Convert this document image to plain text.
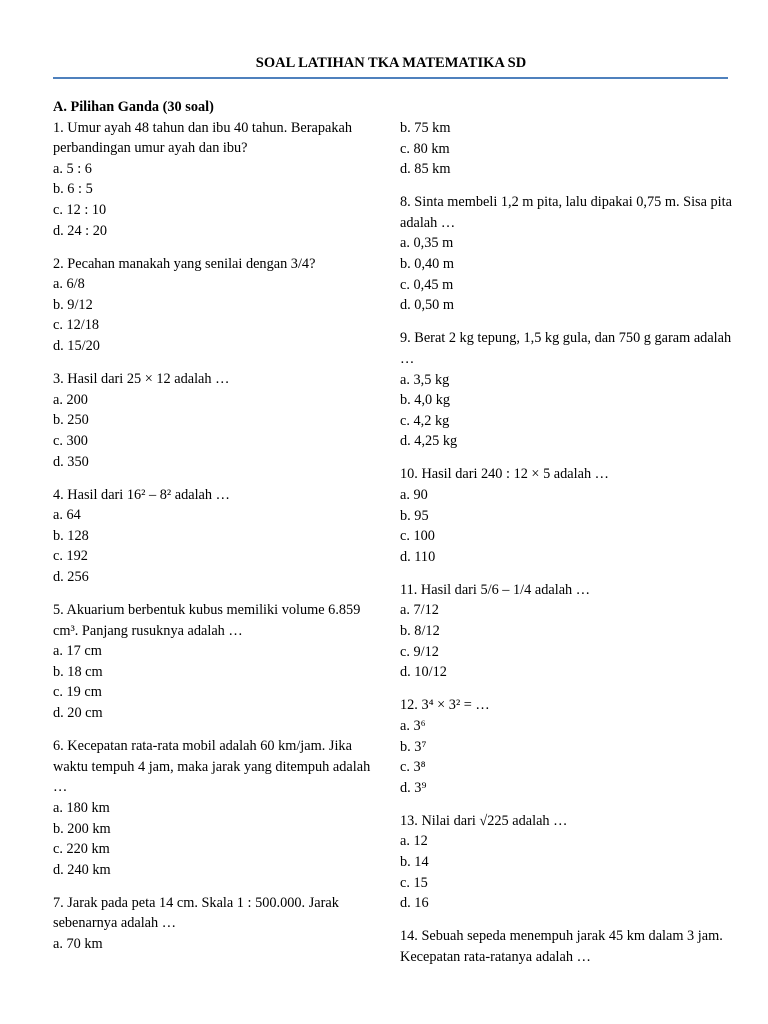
SOAL LATIHAN TKA MATEMATIKA SD
A. Pilihan Ganda (30 soal)
1. Umur ayah 48 tahun dan ibu 40 tahun. Berapakah perbandingan umur ayah dan ibu?
a. 5 : 6
b. 6 : 5
c. 12 : 10
d. 24 : 20
2. Pecahan manakah yang senilai dengan 3/4?
a. 6/8
b. 9/12
c. 12/18
d. 15/20
3. Hasil dari 25 × 12 adalah …
a. 200
b. 250
c. 300
d. 350
4. Hasil dari 16² – 8² adalah …
a. 64
b. 128
c. 192
d. 256
5. Akuarium berbentuk kubus memiliki volume 6.859 cm³. Panjang rusuknya adalah …
a. 17 cm
b. 18 cm
c. 19 cm
d. 20 cm
6. Kecepatan rata-rata mobil adalah 60 km/jam. Jika waktu tempuh 4 jam, maka jarak yang ditempuh adalah …
a. 180 km
b. 200 km
c. 220 km
d. 240 km
7. Jarak pada peta 14 cm. Skala 1 : 500.000. Jarak sebenarnya adalah …
a. 70 km
b. 75 km
c. 80 km
d. 85 km
8. Sinta membeli 1,2 m pita, lalu dipakai 0,75 m. Sisa pita adalah …
a. 0,35 m
b. 0,40 m
c. 0,45 m
d. 0,50 m
9. Berat 2 kg tepung, 1,5 kg gula, dan 750 g garam adalah …
a. 3,5 kg
b. 4,0 kg
c. 4,2 kg
d. 4,25 kg
10. Hasil dari 240 : 12 × 5 adalah …
a. 90
b. 95
c. 100
d. 110
11. Hasil dari 5/6 – 1/4 adalah …
a. 7/12
b. 8/12
c. 9/12
d. 10/12
12. 3⁴ × 3² = …
a. 3⁶
b. 3⁷
c. 3⁸
d. 3⁹
13. Nilai dari √225 adalah …
a. 12
b. 14
c. 15
d. 16
14. Sebuah sepeda menempuh jarak 45 km dalam 3 jam. Kecepatan rata-ratanya adalah …
